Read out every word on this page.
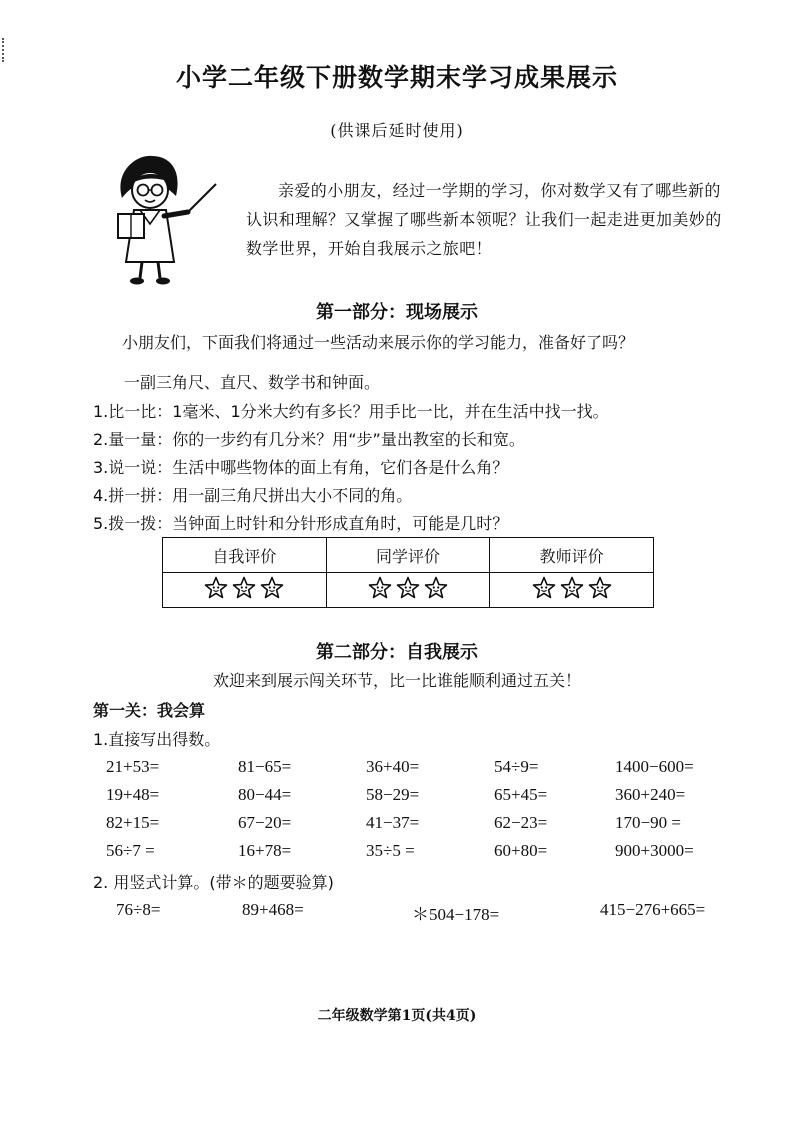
小学二年级下册数学期末学习成果展示
(供课后延时使用)
亲爱的小朋友，经过一学期的学习，你对数学又有了哪些新的认识和理解？又掌握了哪些新本领呢？让我们一起走进更加美妙的数学世界，开始自我展示之旅吧！
第一部分：现场展示
小朋友们，下面我们将通过一些活动来展示你的学习能力，准备好了吗？
一副三角尺、直尺、数学书和钟面。
1.比一比：1毫米、1分米大约有多长？用手比一比，并在生活中找一找。
2.量一量：你的一步约有几分米？用“步”量出教室的长和宽。
3.说一说：生活中哪些物体的面上有角，它们各是什么角？
4.拼一拼：用一副三角尺拼出大小不同的角。
5.拨一拨：当钟面上时针和分针形成直角时，可能是几时？
自我评价	同学评价	教师评价

第二部分：自我展示
欢迎来到展示闯关环节，比一比谁能顺利通过五关！
第一关：我会算
1.直接写出得数。
21+53=	81−65=	36+40=	54÷9=	1400−600=
19+48=	80−44=	58−29=	65+45=	360+240=
82+15=	67−20=	41−37=	62−23=	170−90 =
56÷7 =	16+78=	35÷5 =	60+80=	900+3000=
2. 用竖式计算。(带＊的题要验算)
76÷8=	89+468=	＊504−178=	415−276+665=
二年级数学第1页(共4页)
